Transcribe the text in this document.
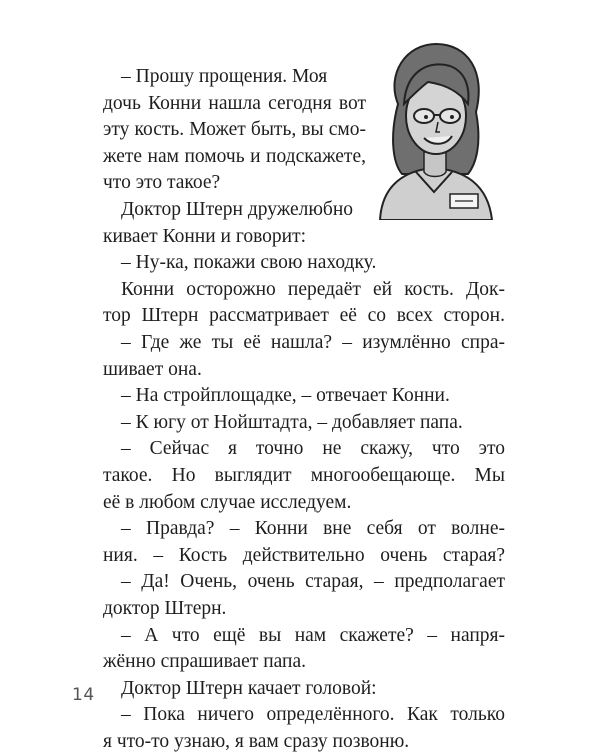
– Прошу прощения. Моя
дочь Конни нашла сегодня вот
эту кость. Может быть, вы смо-
жете нам помочь и подскажете,
что это такое?
Доктор Штерн дружелюбно
кивает Конни и говорит:
– Ну-ка, покажи свою находку.
Конни осторожно передаёт ей кость. Док-
тор Штерн рассматривает её со всех сторон.
– Где же ты её нашла? – изумлённо спра-
шивает она.
– На стройплощадке, – отвечает Конни.
– К югу от Нойштадта, – добавляет папа.
– Сейчас я точно не скажу, что это
такое. Но выглядит многообещающе. Мы
её в любом случае исследуем.
– Правда? – Конни вне себя от волне-
ния. – Кость действительно очень старая?
– Да! Очень, очень старая, – предполагает
доктор Штерн.
– А что ещё вы нам скажете? – напря-
жённо спрашивает папа.
Доктор Штерн качает головой:
– Пока ничего определённого. Как только
я что-то узнаю, я вам сразу позвоню.
14
